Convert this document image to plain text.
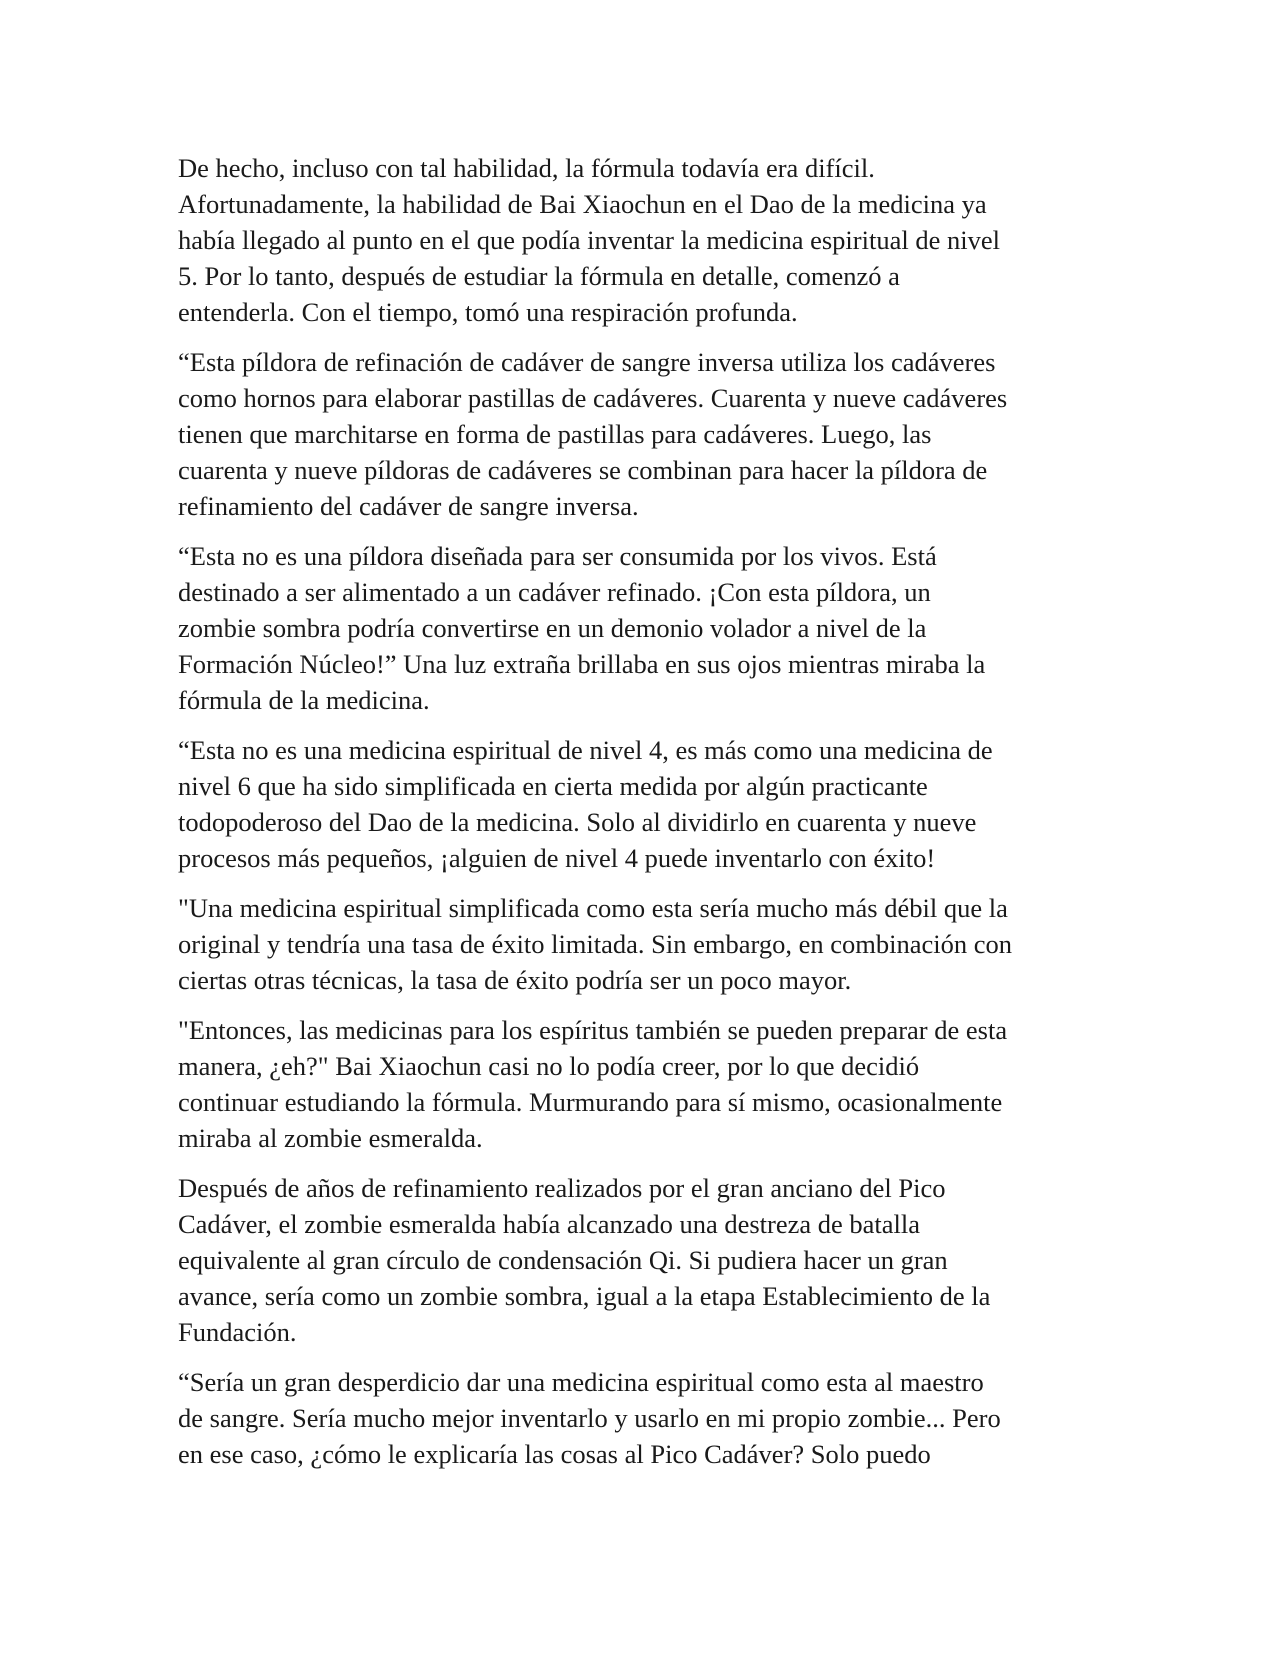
De hecho, incluso con tal habilidad, la fórmula todavía era difícil.
Afortunadamente, la habilidad de Bai Xiaochun en el Dao de la medicina ya
había llegado al punto en el que podía inventar la medicina espiritual de nivel
5. Por lo tanto, después de estudiar la fórmula en detalle, comenzó a
entenderla. Con el tiempo, tomó una respiración profunda.

“Esta píldora de refinación de cadáver de sangre inversa utiliza los cadáveres
como hornos para elaborar pastillas de cadáveres. Cuarenta y nueve cadáveres
tienen que marchitarse en forma de pastillas para cadáveres. Luego, las
cuarenta y nueve píldoras de cadáveres se combinan para hacer la píldora de
refinamiento del cadáver de sangre inversa.

“Esta no es una píldora diseñada para ser consumida por los vivos. Está
destinado a ser alimentado a un cadáver refinado. ¡Con esta píldora, un
zombie sombra podría convertirse en un demonio volador a nivel de la
Formación Núcleo!” Una luz extraña brillaba en sus ojos mientras miraba la
fórmula de la medicina.

“Esta no es una medicina espiritual de nivel 4, es más como una medicina de
nivel 6 que ha sido simplificada en cierta medida por algún practicante
todopoderoso del Dao de la medicina. Solo al dividirlo en cuarenta y nueve
procesos más pequeños, ¡alguien de nivel 4 puede inventarlo con éxito!

"Una medicina espiritual simplificada como esta sería mucho más débil que la
original y tendría una tasa de éxito limitada. Sin embargo, en combinación con
ciertas otras técnicas, la tasa de éxito podría ser un poco mayor.

"Entonces, las medicinas para los espíritus también se pueden preparar de esta
manera, ¿eh?" Bai Xiaochun casi no lo podía creer, por lo que decidió
continuar estudiando la fórmula. Murmurando para sí mismo, ocasionalmente
miraba al zombie esmeralda.

Después de años de refinamiento realizados por el gran anciano del Pico
Cadáver, el zombie esmeralda había alcanzado una destreza de batalla
equivalente al gran círculo de condensación Qi. Si pudiera hacer un gran
avance, sería como un zombie sombra, igual a la etapa Establecimiento de la
Fundación.

“Sería un gran desperdicio dar una medicina espiritual como esta al maestro
de sangre. Sería mucho mejor inventarlo y usarlo en mi propio zombie... Pero
en ese caso, ¿cómo le explicaría las cosas al Pico Cadáver? Solo puedo
